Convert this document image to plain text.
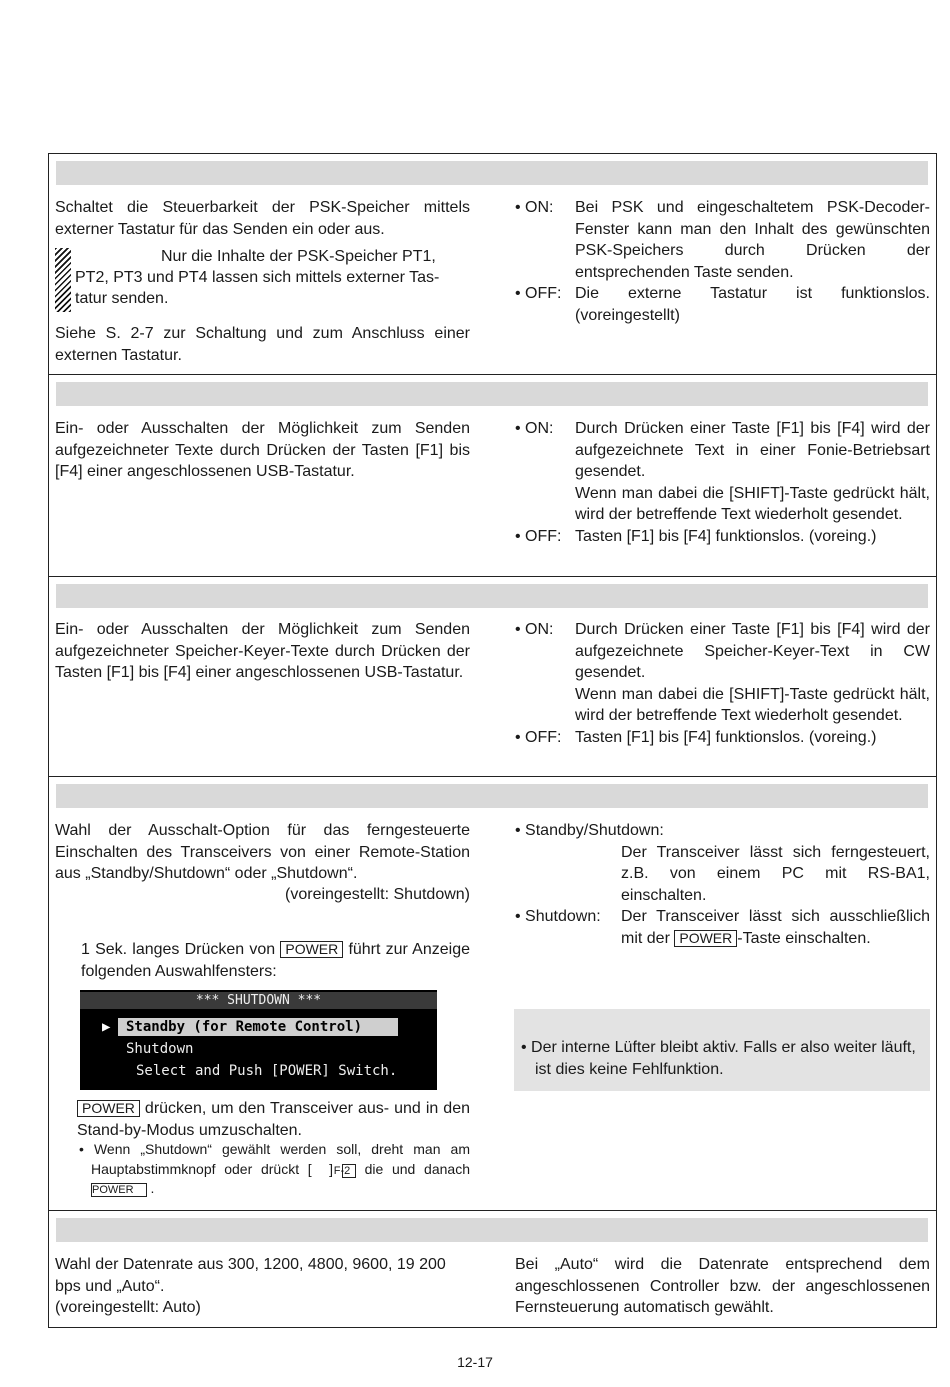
Schaltet die Steuerbarkeit der PSK-Speicher mittels externer Tastatur für das Senden ein oder aus.
Nur die Inhalte der PSK-Speicher PT1,
PT2, PT3 und PT4 lassen sich mittels externer Tas-
tatur senden.
Siehe S. 2-7 zur Schaltung und zum Anschluss einer externen Tastatur.
• ON:	Bei PSK und eingeschaltetem PSK-Decoder-Fenster kann man den Inhalt des gewünschten PSK-Speichers durch Drücken der entsprechenden Taste senden.
• OFF: Die externe Tastatur ist funktionslos. (voreingestellt)
Ein- oder Ausschalten der Möglichkeit zum Senden aufgezeichneter Texte durch Drücken der Tasten [F1] bis [F4] einer angeschlossenen USB-Tastatur.
• ON:	Durch Drücken einer Taste [F1] bis [F4] wird der aufgezeichnete Text in einer Fonie-Betriebsart gesendet.
Wenn man dabei die [SHIFT]-Taste gedrückt hält, wird der betreffende Text wiederholt gesendet.
• OFF: Tasten [F1] bis [F4] funktionslos. (voreing.)
Ein- oder Ausschalten der Möglichkeit zum Senden aufgezeichneter Speicher-Keyer-Texte durch Drücken der Tasten [F1] bis [F4] einer angeschlossenen USB-Tastatur.
• ON:	Durch Drücken einer Taste [F1] bis [F4] wird der aufgezeichnete Speicher-Keyer-Text in CW gesendet.
Wenn man dabei die [SHIFT]-Taste gedrückt hält, wird der betreffende Text wiederholt gesendet.
• OFF: Tasten [F1] bis [F4] funktionslos. (voreing.)
Wahl der Ausschalt-Option für das ferngesteuerte Einschalten des Transceivers von einer Remote-Station aus „Standby/Shutdown“ oder „Shutdown“.
(voreingestellt: Shutdown)
1 Sek. langes Drücken von POWER führt zur Anzeige folgenden Auswahlfensters:
*** SHUTDOWN ***
▶	Standby (for Remote Control)
Shutdown
Select and Push [POWER] Switch.
POWER drücken, um den Transceiver aus- und in den Stand-by-Modus umzuschalten.
• Wenn „Shutdown“ gewählt werden soll, dreht man am Hauptabstimmknopf oder drückt [ ] F-2 die und danach POWER .
• Standby/Shutdown:
Der Transceiver lässt sich ferngesteuert, z.B. von einem PC mit RS-BA1, einschalten.
• Shutdown:	Der Transceiver lässt sich ausschließlich mit der POWER -Taste einschalten.
• Der interne Lüfter bleibt aktiv. Falls er also weiter läuft, ist dies keine Fehlfunktion.
Wahl der Datenrate aus 300, 1200, 4800, 9600, 19 200 bps und „Auto“.
(voreingestellt: Auto)
Bei „Auto“ wird die Datenrate entsprechend dem angeschlossenen Controller bzw. der angeschlossenen Fernsteuerung automatisch gewählt.
12-17
